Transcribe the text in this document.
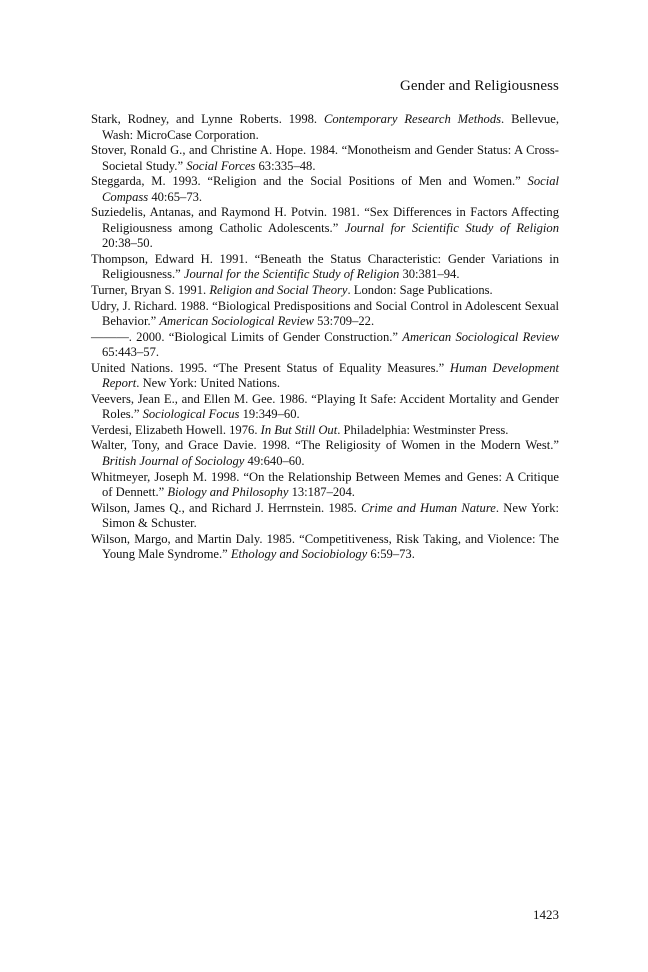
Gender and Religiousness

Stark, Rodney, and Lynne Roberts. 1998. Contemporary Research Methods. Bellevue, Wash: MicroCase Corporation.

Stover, Ronald G., and Christine A. Hope. 1984. “Monotheism and Gender Status: A Cross-Societal Study.” Social Forces 63:335–48.

Steggarda, M. 1993. “Religion and the Social Positions of Men and Women.” Social Compass 40:65–73.

Suziedelis, Antanas, and Raymond H. Potvin. 1981. “Sex Differences in Factors Affecting Religiousness among Catholic Adolescents.” Journal for Scientific Study of Religion 20:38–50.

Thompson, Edward H. 1991. “Beneath the Status Characteristic: Gender Variations in Religiousness.” Journal for the Scientific Study of Religion 30:381–94.

Turner, Bryan S. 1991. Religion and Social Theory. London: Sage Publications.

Udry, J. Richard. 1988. “Biological Predispositions and Social Control in Adolescent Sexual Behavior.” American Sociological Review 53:709–22.

———. 2000. “Biological Limits of Gender Construction.” American Sociological Review 65:443–57.

United Nations. 1995. “The Present Status of Equality Measures.” Human Development Report. New York: United Nations.

Veevers, Jean E., and Ellen M. Gee. 1986. “Playing It Safe: Accident Mortality and Gender Roles.” Sociological Focus 19:349–60.

Verdesi, Elizabeth Howell. 1976. In But Still Out. Philadelphia: Westminster Press.

Walter, Tony, and Grace Davie. 1998. “The Religiosity of Women in the Modern West.” British Journal of Sociology 49:640–60.

Whitmeyer, Joseph M. 1998. “On the Relationship Between Memes and Genes: A Critique of Dennett.” Biology and Philosophy 13:187–204.

Wilson, James Q., and Richard J. Herrnstein. 1985. Crime and Human Nature. New York: Simon & Schuster.

Wilson, Margo, and Martin Daly. 1985. “Competitiveness, Risk Taking, and Violence: The Young Male Syndrome.” Ethology and Sociobiology 6:59–73.

1423
